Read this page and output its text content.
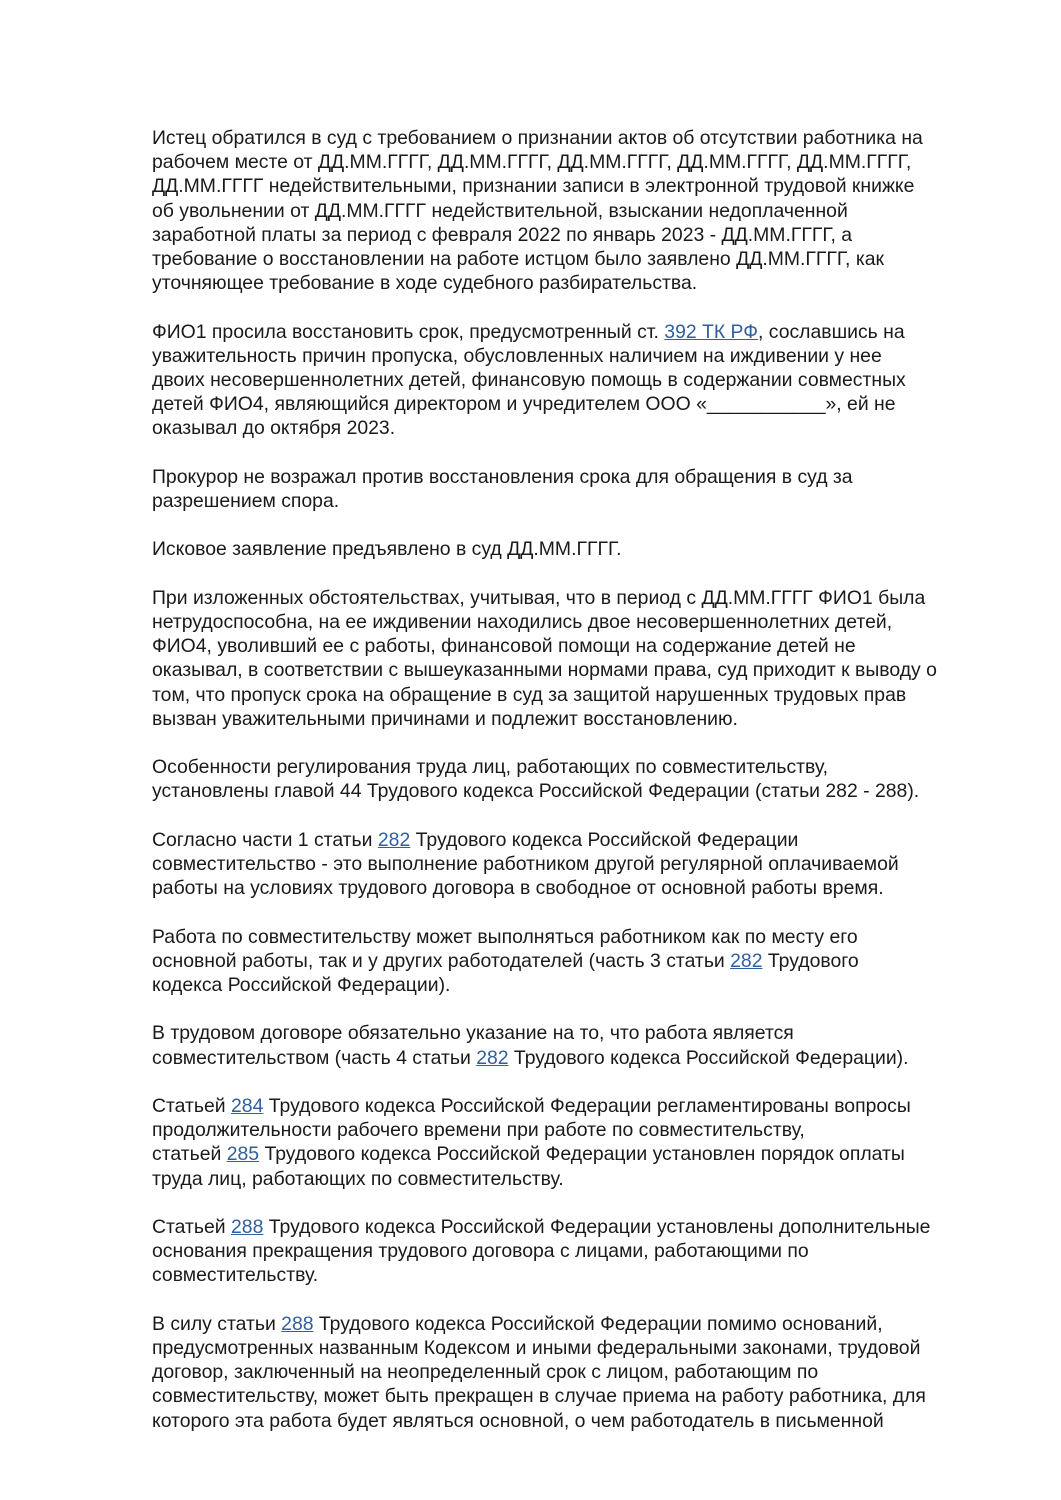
Истец обратился в суд с требованием о признании актов об отсутствии работника на
рабочем месте от ДД.ММ.ГГГГ, ДД.ММ.ГГГГ, ДД.ММ.ГГГГ, ДД.ММ.ГГГГ, ДД.ММ.ГГГГ,
ДД.ММ.ГГГГ недействительными, признании записи в электронной трудовой книжке
об увольнении от ДД.ММ.ГГГГ недействительной, взыскании недоплаченной
заработной платы за период с февраля 2022 по январь 2023 - ДД.ММ.ГГГГ, а
требование о восстановлении на работе истцом было заявлено ДД.ММ.ГГГГ, как
уточняющее требование в ходе судебного разбирательства.

ФИО1 просила восстановить срок, предусмотренный ст. 392 ТК РФ, сославшись на
уважительность причин пропуска, обусловленных наличием на иждивении у нее
двоих несовершеннолетних детей, финансовую помощь в содержании совместных
детей ФИО4, являющийся директором и учредителем ООО «___________», ей не
оказывал до октября 2023.

Прокурор не возражал против восстановления срока для обращения в суд за
разрешением спора.

Исковое заявление предъявлено в суд ДД.ММ.ГГГГ.

При изложенных обстоятельствах, учитывая, что в период с ДД.ММ.ГГГГ ФИО1 была
нетрудоспособна, на ее иждивении находились двое несовершеннолетних детей,
ФИО4, уволивший ее с работы, финансовой помощи на содержание детей не
оказывал, в соответствии с вышеуказанными нормами права, суд приходит к выводу о
том, что пропуск срока на обращение в суд за защитой нарушенных трудовых прав
вызван уважительными причинами и подлежит восстановлению.

Особенности регулирования труда лиц, работающих по совместительству,
установлены главой 44 Трудового кодекса Российской Федерации (статьи 282 - 288).

Согласно части 1 статьи 282 Трудового кодекса Российской Федерации
совместительство - это выполнение работником другой регулярной оплачиваемой
работы на условиях трудового договора в свободное от основной работы время.

Работа по совместительству может выполняться работником как по месту его
основной работы, так и у других работодателей (часть 3 статьи 282 Трудового
кодекса Российской Федерации).

В трудовом договоре обязательно указание на то, что работа является
совместительством (часть 4 статьи 282 Трудового кодекса Российской Федерации).

Статьей 284 Трудового кодекса Российской Федерации регламентированы вопросы
продолжительности рабочего времени при работе по совместительству,
статьей 285 Трудового кодекса Российской Федерации установлен порядок оплаты
труда лиц, работающих по совместительству.

Статьей 288 Трудового кодекса Российской Федерации установлены дополнительные
основания прекращения трудового договора с лицами, работающими по
совместительству.

В силу статьи 288 Трудового кодекса Российской Федерации помимо оснований,
предусмотренных названным Кодексом и иными федеральными законами, трудовой
договор, заключенный на неопределенный срок с лицом, работающим по
совместительству, может быть прекращен в случае приема на работу работника, для
которого эта работа будет являться основной, о чем работодатель в письменной
